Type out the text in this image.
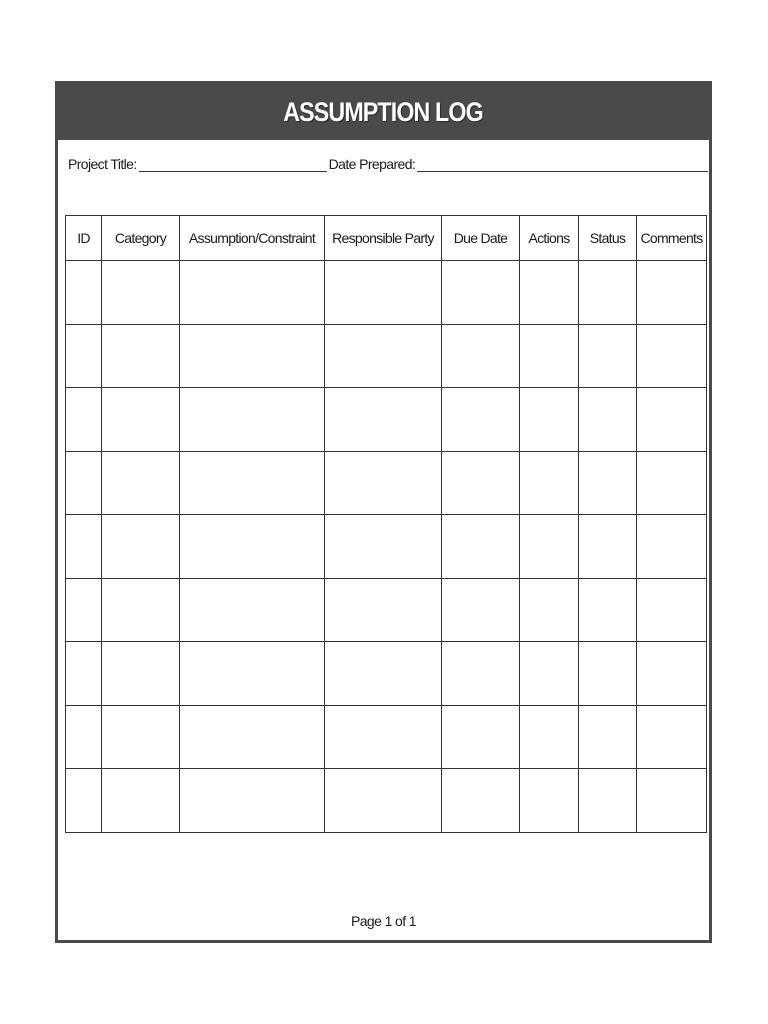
ASSUMPTION LOG
Project Title:	Date Prepared:
ID	Category	Assumption/Constraint	Responsible Party	Due Date	Actions	Status	Comments

Page 1 of 1
